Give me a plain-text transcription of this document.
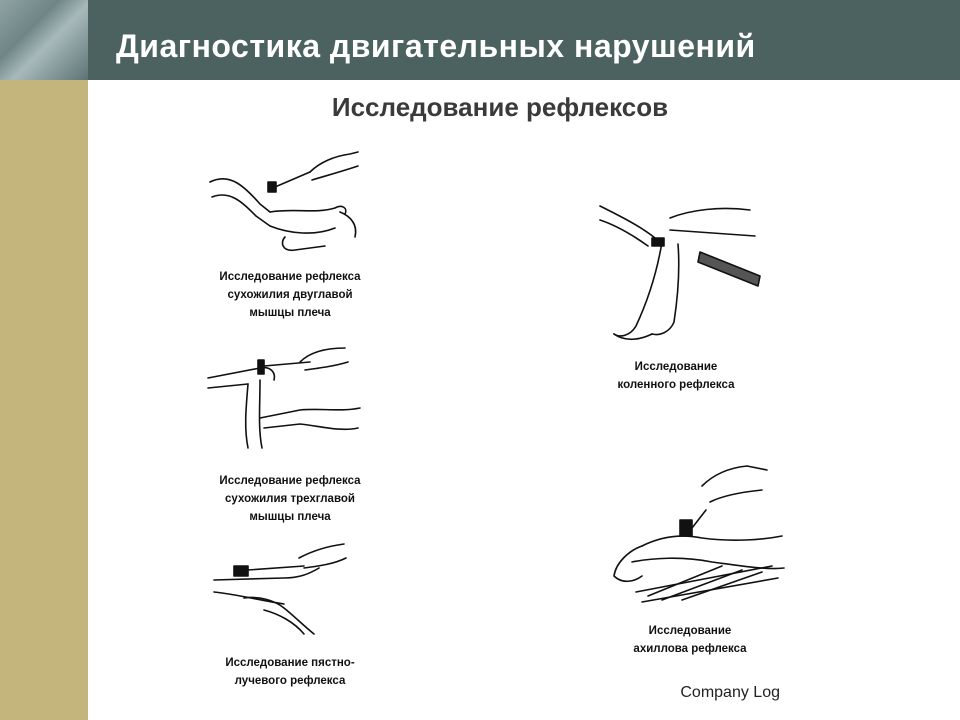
Диагностика двигательных нарушений
Исследование рефлексов
Исследование рефлекса
сухожилия двуглавой
мышцы плеча
Исследование рефлекса
сухожилия трехглавой
мышцы плеча
Исследование пястно-
лучевого рефлекса
Исследование
коленного рефлекса
Исследование
ахиллова рефлекса
Company Log
